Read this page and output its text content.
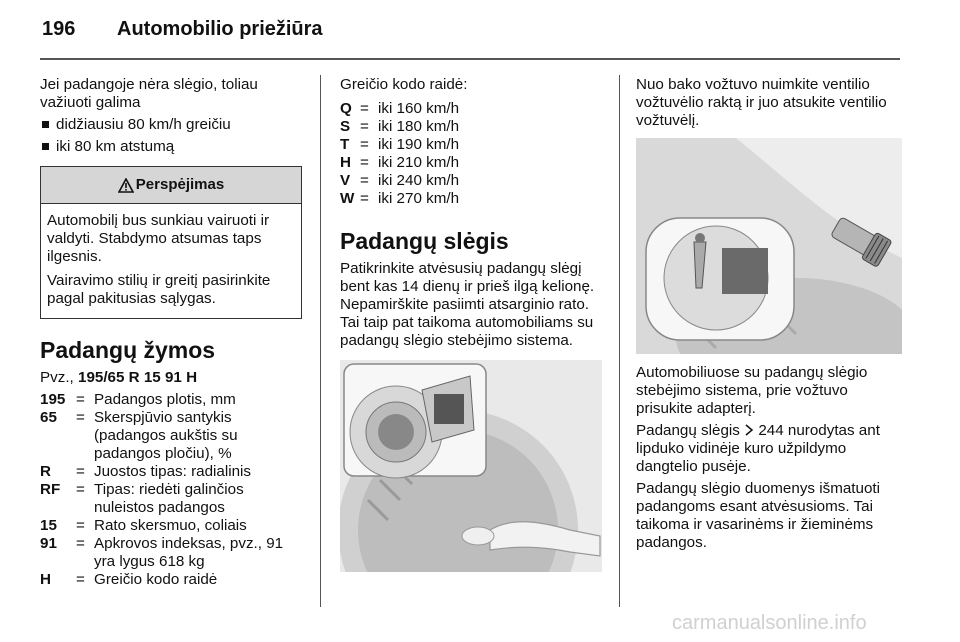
196 Automobilio priežiūra

Jei padangoje nėra slėgio, toliau važiuoti galima

didžiausiu 80 km/h greičiu
iki 80 km atstumą
Perspėjimas

Automobilį bus sunkiau vairuoti ir valdyti. Stabdymo atsumas taps ilgesnis.

Vairavimo stilių ir greitį pasirinkite pagal pakitusias sąlygas.

Padangų žymos
Pvz., 195/65 R 15 91 H
195 = Padangos plotis, mm
65	= Skerspjūvio santykis (padangos aukštis su padangos pločiu), %
R	= Juostos tipas: radialinis
RF	= Tipas: riedėti galinčios nuleistos padangos
15	= Rato skersmuo, coliais
91	= Apkrovos indeksas, pvz., 91 yra lygus 618 kg
H	= Greičio kodo raidė

Greičio kodo raidė:

Q = iki 160 km/h
S = iki 180 km/h
T = iki 190 km/h
H = iki 210 km/h
V = iki 240 km/h
W = iki 270 km/h
Padangų slėgis

Patikrinkite atvėsusių padangų slėgį bent kas 14 dienų ir prieš ilgą kelionę. Nepamirškite pasiimti atsarginio rato. Tai taip pat taikoma automobiliams su padangų slėgio stebėjimo sistema.

Nuo bako vožtuvo nuimkite ventilio vožtuvėlio raktą ir juo atsukite ventilio vožtuvėlį.

Automobiliuose su padangų slėgio stebėjimo sistema, prie vožtuvo prisukite adapterį.

Padangų slėgis 244 nurodytas ant lipduko vidinėje kuro užpildymo dangtelio pusėje.

Padangų slėgio duomenys išmatuoti padangoms esant atvėsusioms. Tai taikoma ir vasarinėms ir žieminėms padangos.

carmanualsonline.info
